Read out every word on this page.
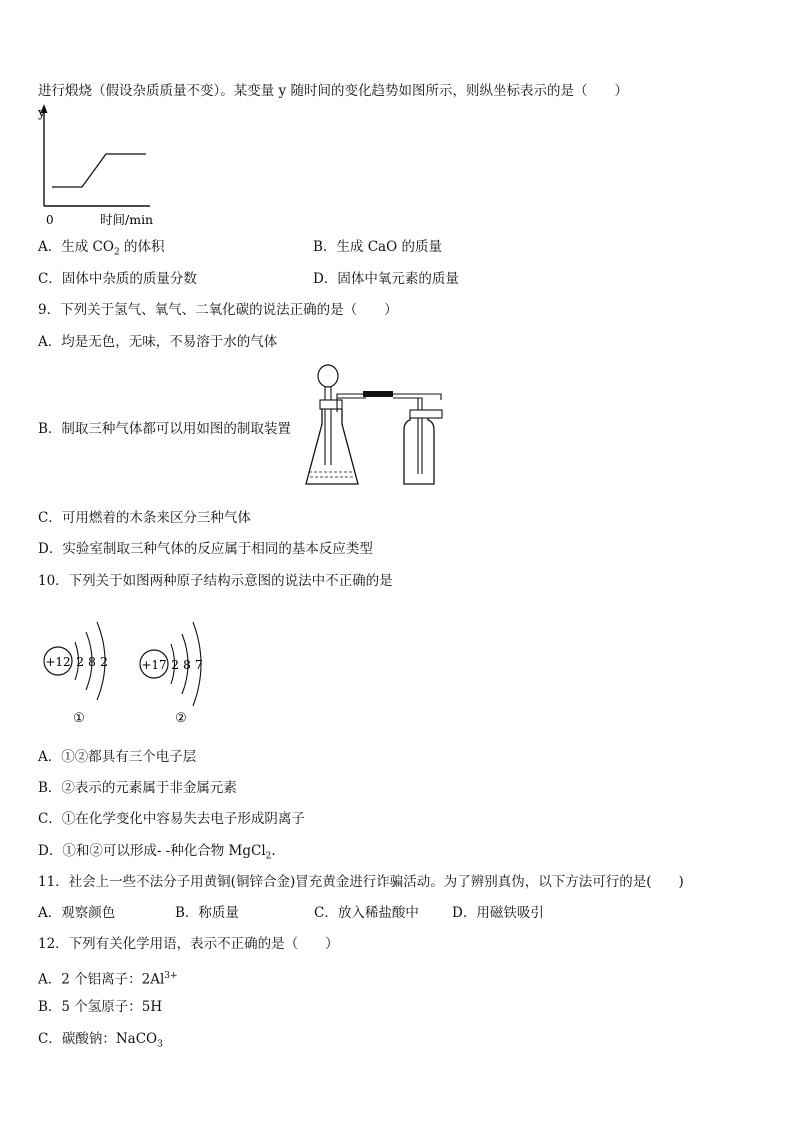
进行煅烧（假设杂质质量不变）。某变量 y 随时间的变化趋势如图所示，则纵坐标表示的是（　　）
y
0	时间/min
A．生成 $CO_2$ 的体积	B．生成 CaO 的质量
C．固体中杂质的质量分数	D．固体中氧元素的质量
9．下列关于氢气、氧气、二氧化碳的说法正确的是（　　）
A．均是无色，无味，不易溶于水的气体
B．制取三种气体都可以用如图的制取装置
C．可用燃着的木条来区分三种气体
D．实验室制取三种气体的反应属于相同的基本反应类型
10．下列关于如图两种原子结构示意图的说法中不正确的是
+12 2 8 2
①
+17 2 8 7
②
A．①②都具有三个电子层
B．②表示的元素属于非金属元素
C．①在化学变化中容易失去电子形成阴离子
D．①和②可以形成- -种化合物 MgCl$_2$.
11．社会上一些不法分子用黄铜(铜锌合金)冒充黄金进行诈骗活动。为了辨别真伪，以下方法可行的是(　　)
A．观察颜色	B．称质量	C．放入稀盐酸中 D．用磁铁吸引
12．下列有关化学用语，表示不正确的是（　　）
A．2 个铝离子：$2Al^{3+}$
B．5 个氢原子：5H
C．碳酸钠：NaCO$_3$
